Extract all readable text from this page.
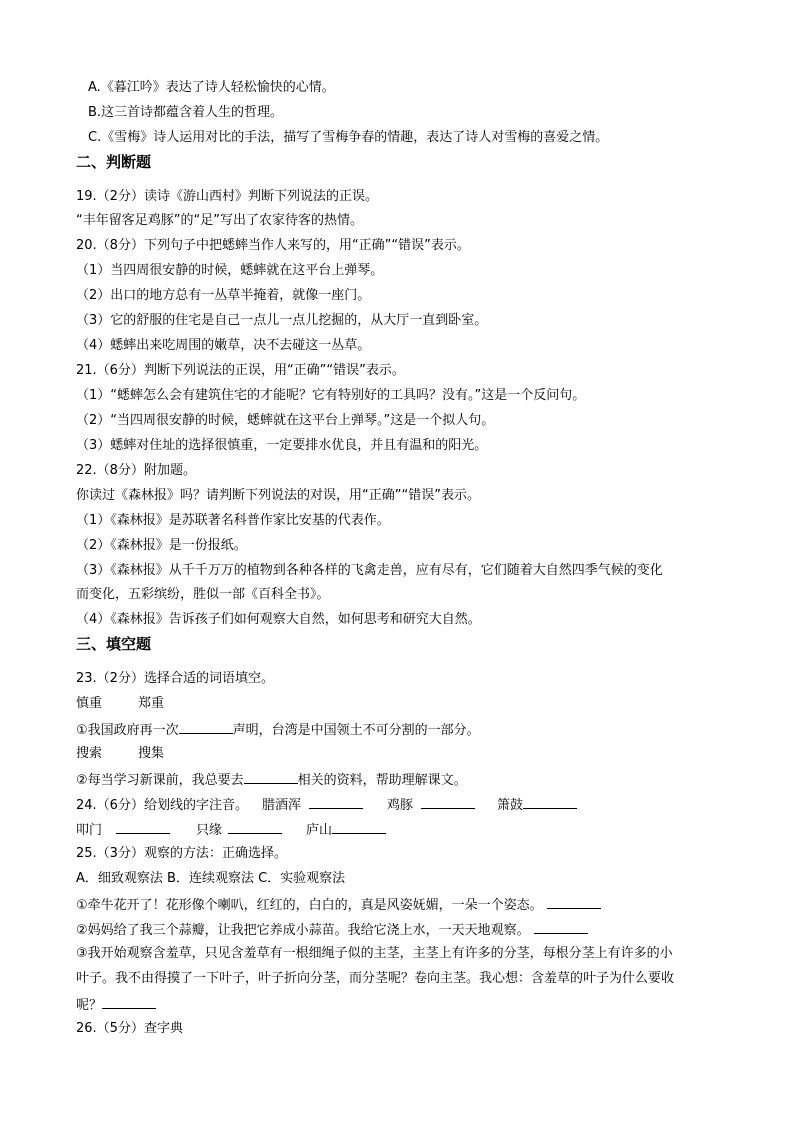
A.《暮江吟》表达了诗人轻松愉快的心情。
B.这三首诗都蕴含着人生的哲理。
C.《雪梅》诗人运用对比的手法，描写了雪梅争春的情趣，表达了诗人对雪梅的喜爱之情。
二、判断题
19.（2分）读诗《游山西村》判断下列说法的正误。
“丰年留客足鸡豚”的“足”写出了农家待客的热情。
20.（8分）下列句子中把蟋蟀当作人来写的，用“正确”“错误”表示。
（1）当四周很安静的时候，蟋蟀就在这平台上弹琴。
（2）出口的地方总有一丛草半掩着，就像一座门。
（3）它的舒服的住宅是自己一点儿一点儿挖掘的，从大厅一直到卧室。
（4）蟋蟀出来吃周围的嫩草，决不去碰这一丛草。
21.（6分）判断下列说法的正误，用“正确”“错误”表示。
（1）“蟋蟀怎么会有建筑住宅的才能呢？它有特别好的工具吗？没有。”这是一个反问句。
（2）“当四周很安静的时候，蟋蟀就在这平台上弹琴。”这是一个拟人句。
（3）蟋蟀对住址的选择很慎重，一定要排水优良，并且有温和的阳光。
22.（8分）附加题。
你读过《森林报》吗？请判断下列说法的对误，用“正确”“错误”表示。
（1）《森林报》是苏联著名科普作家比安基的代表作。
（2）《森林报》是一份报纸。
（3）《森林报》从千千万万的植物到各种各样的飞禽走兽，应有尽有，它们随着大自然四季气候的变化
而变化，五彩缤纷，胜似一部《百科全书》。
（4）《森林报》告诉孩子们如何观察大自然，如何思考和研究大自然。
三、填空题
23.（2分）选择合适的词语填空。
慎重	郑重
①我国政府再一次	声明，台湾是中国领土不可分割的一部分。
搜索	搜集
②每当学习新课前，我总要去	相关的资料，帮助理解课文。
24.（6分）给划线的字注音。 腊酒浑	鸡豚	箫鼓
叩门	只缘	庐山
25.（3分）观察的方法：正确选择。
A．细致观察法 B．连续观察法 C．实验观察法
①牵牛花开了！花形像个喇叭，红红的，白白的，真是风姿妩媚，一朵一个姿态。
②妈妈给了我三个蒜瓣，让我把它养成小蒜苗。我给它浇上水，一天天地观察。
③我开始观察含羞草，只见含羞草有一根细绳子似的主茎，主茎上有许多的分茎，每根分茎上有许多的小
叶子。我不由得摸了一下叶子，叶子折向分茎，而分茎呢？卷向主茎。我心想：含羞草的叶子为什么要收
呢？
26.（5分）查字典
